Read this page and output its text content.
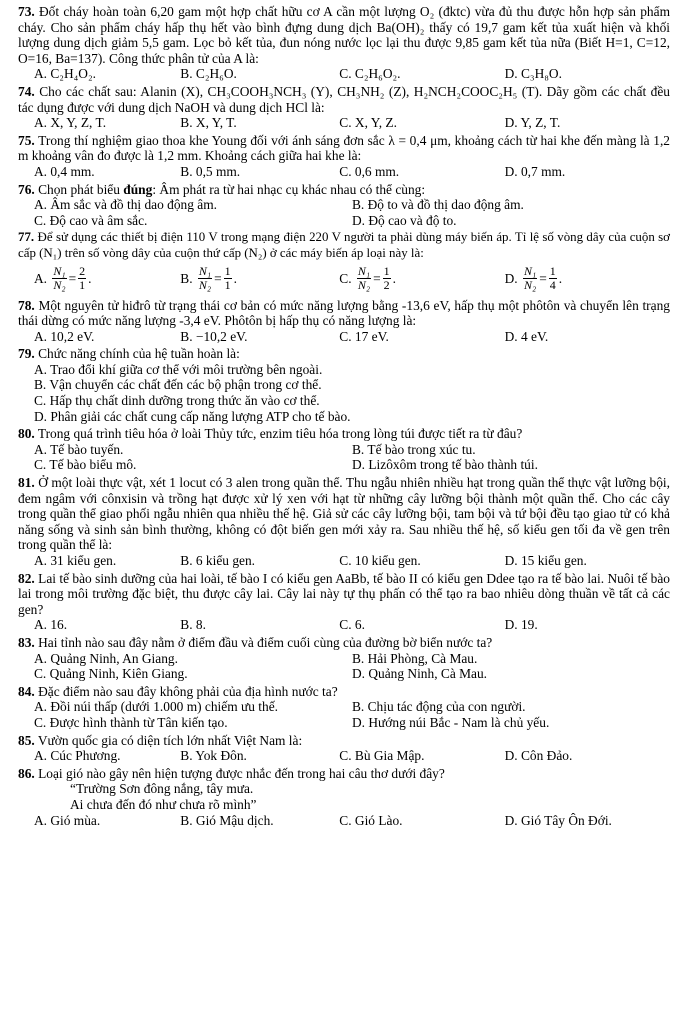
73. Đốt cháy hoàn toàn 6,20 gam một hợp chất hữu cơ A cần một lượng O₂ (đktc) vừa đủ thu được hỗn hợp sản phẩm cháy. Cho sản phẩm cháy hấp thụ hết vào bình đựng dung dịch Ba(OH)₂ thấy có 19,7 gam kết tủa xuất hiện và khối lượng dung dịch giảm 5,5 gam. Lọc bỏ kết tủa, đun nóng nước lọc lại thu được 9,85 gam kết tủa nữa (Biết H=1, C=12, O=16, Ba=137). Công thức phân tử của A là:
A. C₂H₄O₂.	B. C₂H₆O.	C. C₂H₆O₂.	D. C₃H₈O.
74. Cho các chất sau: Alanin (X), CH₃COOH₃NCH₃ (Y), CH₃NH₂ (Z), H₂NCH₂COOC₂H₅ (T). Dãy gồm các chất đều tác dụng được với dung dịch NaOH và dung dịch HCl là:
A. X, Y, Z, T.	B. X, Y, T.	C. X, Y, Z.	D. Y, Z, T.
75. Trong thí nghiệm giao thoa khe Young đối với ánh sáng đơn sắc λ = 0,4 μm, khoảng cách từ hai khe đến màng là 1,2 m khoảng vân đo được là 1,2 mm. Khoảng cách giữa hai khe là:
A. 0,4 mm.	B. 0,5 mm.	C. 0,6 mm.	D. 0,7 mm.
76. Chọn phát biểu đúng: Âm phát ra từ hai nhạc cụ khác nhau có thể cùng:
A. Âm sắc và đồ thị dao động âm.	B. Độ to và đồ thị dao động âm.
C. Độ cao và âm sắc.	D. Độ cao và độ to.
77. Để sử dụng các thiết bị điện 110 V trong mạng điện 220 V người ta phải dùng máy biến áp. Tỉ lệ số vòng dây của cuộn sơ cấp (N₁) trên số vòng dây của cuộn thứ cấp (N₂) ở các máy biến áp loại này là:
A.
$\frac{\text{N₁}}{\text{N₂}} = \frac{2}{1}$ .	B.
$\frac{\text{N₁}}{\text{N₂}} = \frac{1}{1}$ .	C.
$\frac{\text{N₁}}{\text{N₂}} = \frac{1}{2}$ .	D.
$\frac{\text{N₁}}{\text{N₂}} = \frac{1}{4}$ .
78. Một nguyên tử hiđrô từ trạng thái cơ bản có mức năng lượng bằng -13,6 eV, hấp thụ một phôtôn và chuyển lên trạng thái dừng có mức năng lượng -3,4 eV. Phôtôn bị hấp thụ có năng lượng là:
A. 10,2 eV.	B. −10,2 eV.	C. 17 eV.	D. 4 eV.
79. Chức năng chính của hệ tuần hoàn là:
A. Trao đổi khí giữa cơ thể với môi trường bên ngoài.
B. Vận chuyển các chất đến các bộ phận trong cơ thể.
C. Hấp thụ chất dinh dưỡng trong thức ăn vào cơ thể.
D. Phân giải các chất cung cấp năng lượng ATP cho tế bào.
80. Trong quá trình tiêu hóa ở loài Thủy tức, enzim tiêu hóa trong lòng túi được tiết ra từ đâu?
A. Tế bào tuyến.	B. Tế bào trong xúc tu.
C. Tế bào biểu mô.	D. Lizôxôm trong tế bào thành túi.
81. Ở một loài thực vật, xét 1 locut có 3 alen trong quần thể. Thu ngẫu nhiên nhiều hạt trong quần thể thực vật lưỡng bội, đem ngâm với cônxisin và trồng hạt được xử lý xen với hạt từ những cây lưỡng bội thành một quần thể. Cho các cây trong quần thể giao phối ngẫu nhiên qua nhiều thế hệ. Giả sử các cây lưỡng bội, tam bội và tứ bội đều tạo giao tử có khả năng sống và sinh sản bình thường, không có đột biến gen mới xảy ra. Sau nhiều thế hệ, số kiểu gen tối đa về gen trên trong quần thể là:
A. 31 kiểu gen.	B. 6 kiểu gen.	C. 10 kiểu gen.	D. 15 kiểu gen.
82. Lai tế bào sinh dưỡng của hai loài, tế bào I có kiểu gen AaBb, tế bào II có kiểu gen Ddee tạo ra tế bào lai. Nuôi tế bào lai trong môi trường đặc biệt, thu được cây lai. Cây lai này tự thụ phấn có thể tạo ra bao nhiêu dòng thuần về tất cả các gen?
A. 16.	B. 8.	C. 6.	D. 19.
83. Hai tỉnh nào sau đây nằm ở điểm đầu và điểm cuối cùng của đường bờ biển nước ta?
A. Quảng Ninh, An Giang.	B. Hải Phòng, Cà Mau.
C. Quảng Ninh, Kiên Giang.	D. Quảng Ninh, Cà Mau.
84. Đặc điểm nào sau đây không phải của địa hình nước ta?
A. Đồi núi thấp (dưới 1.000 m) chiếm ưu thế.	B. Chịu tác động của con người.
C. Được hình thành từ Tân kiến tạo.	D. Hướng núi Bắc - Nam là chủ yếu.
85. Vườn quốc gia có diện tích lớn nhất Việt Nam là:
A. Cúc Phương.	B. Yok Đôn.	C. Bù Gia Mập.	D. Côn Đảo.
86. Loại gió nào gây nên hiện tượng được nhắc đến trong hai câu thơ dưới đây?
“Trường Sơn đông nắng, tây mưa.
Ai chưa đến đó như chưa rõ mình”
A. Gió mùa.	B. Gió Mậu dịch.	C. Gió Lào.	D. Gió Tây Ôn Đới.
